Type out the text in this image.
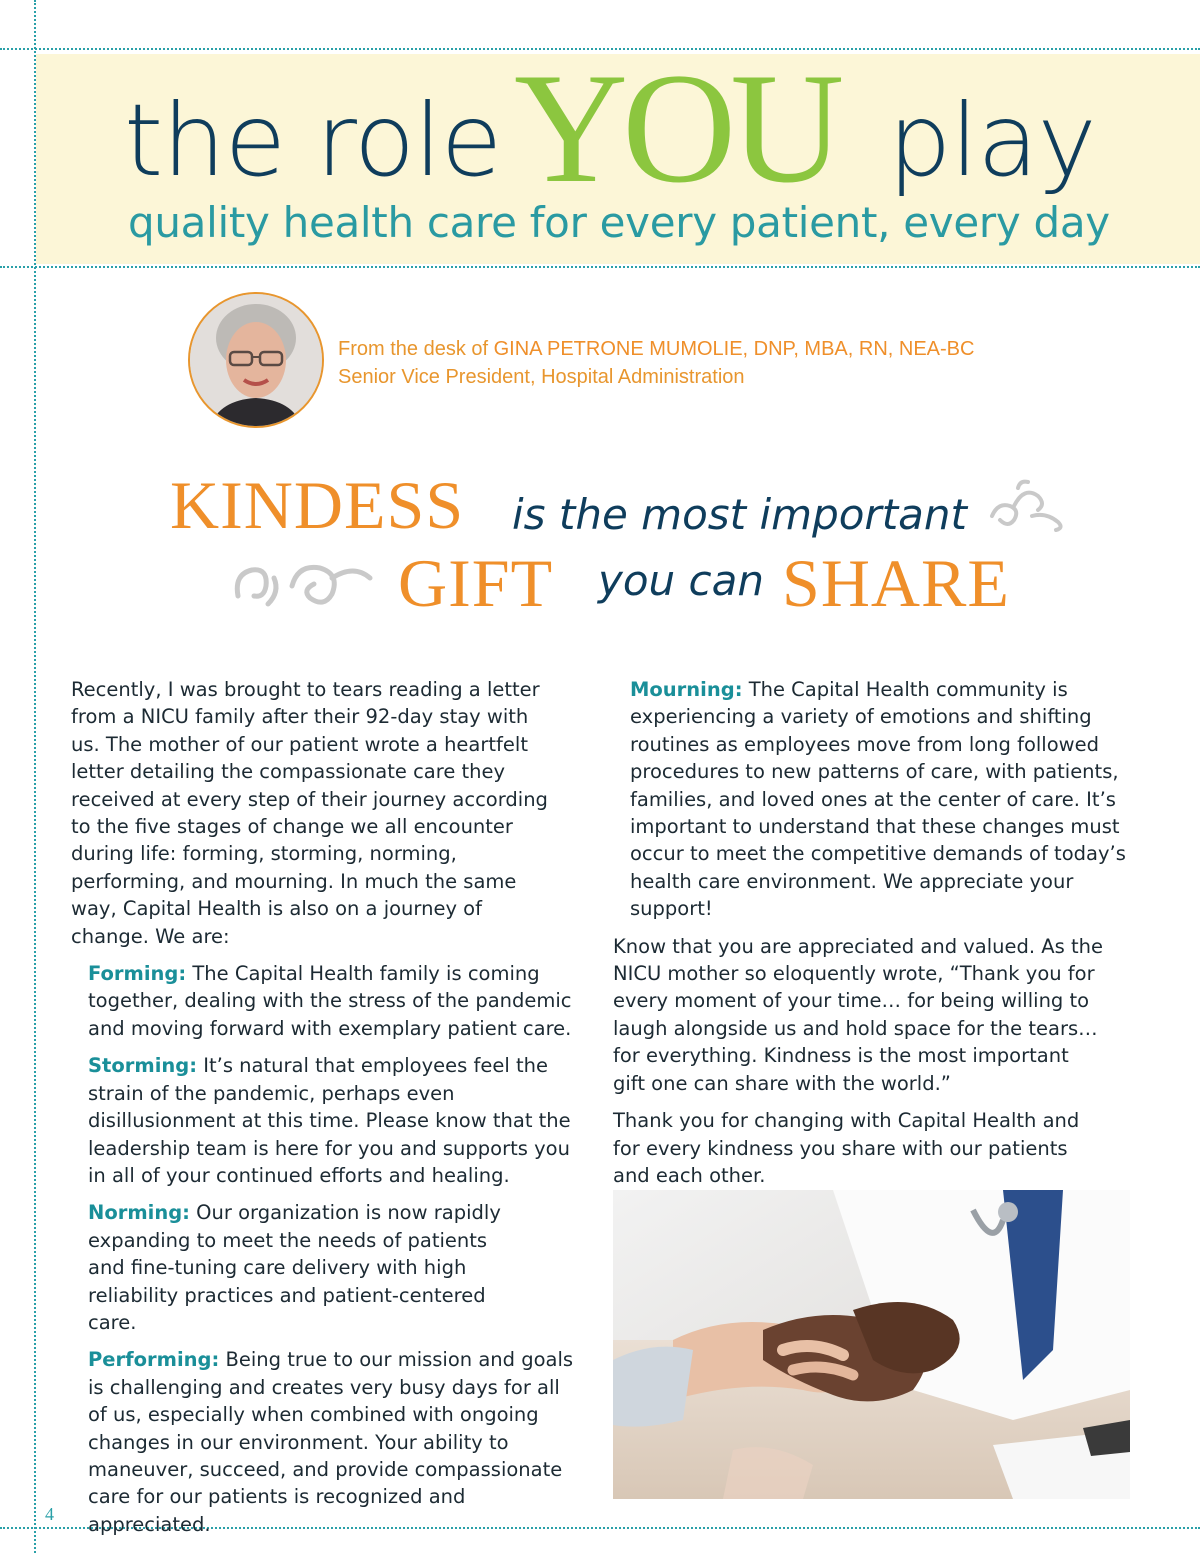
the role YOU play
quality health care for every patient, every day
From the desk of GINA PETRONE MUMOLIE, DNP, MBA, RN, NEA-BC
Senior Vice President, Hospital Administration
KINDESS is the most important
GIFT you can SHARE

Recently, I was brought to tears reading a letter from a NICU family after their 92-day stay with us. The mother of our patient wrote a heartfelt letter detailing the compassionate care they received at every step of their journey according to the five stages of change we all encounter during life: forming, storming, norming, performing, and mourning. In much the same way, Capital Health is also on a journey of change. We are:

Forming: The Capital Health family is coming together, dealing with the stress of the pandemic and moving forward with exemplary patient care.

Storming: It’s natural that employees feel the strain of the pandemic, perhaps even disillusionment at this time. Please know that the leadership team is here for you and supports you in all of your continued efforts and healing.

Norming: Our organization is now rapidly expanding to meet the needs of patients and fine-tuning care delivery with high reliability practices and patient-centered care.

Performing: Being true to our mission and goals is challenging and creates very busy days for all of us, especially when combined with ongoing changes in our environment. Your ability to maneuver, succeed, and provide compassionate care for our patients is recognized and appreciated.

Mourning: The Capital Health community is experiencing a variety of emotions and shifting routines as employees move from long followed procedures to new patterns of care, with patients, families, and loved ones at the center of care. It’s important to understand that these changes must occur to meet the competitive demands of today’s health care environment. We appreciate your support!

Know that you are appreciated and valued. As the NICU mother so eloquently wrote, “Thank you for every moment of your time… for being willing to laugh alongside us and hold space for the tears… for everything. Kindness is the most important gift one can share with the world.”

Thank you for changing with Capital Health and for every kindness you share with our patients and each other.

4
